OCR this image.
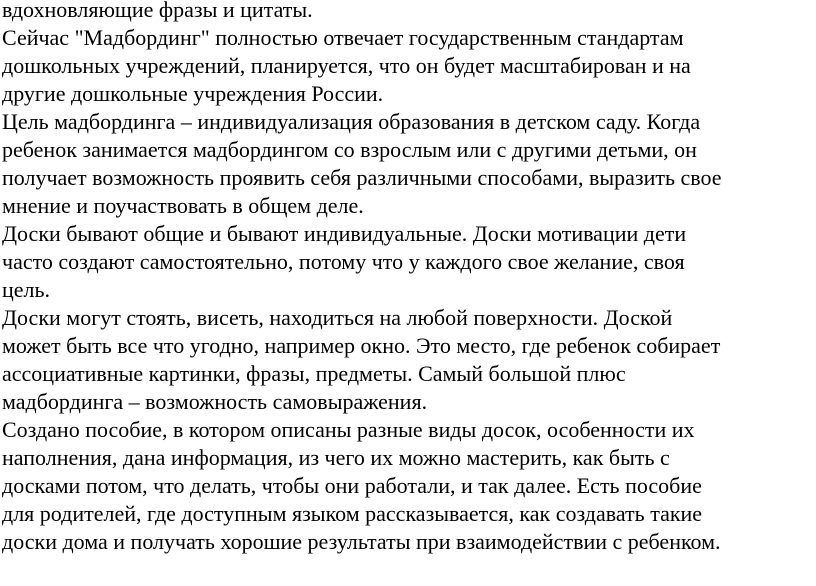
вдохновляющие фразы и цитаты.

Сейчас "Мадбординг" полностью отвечает государственным стандартам
дошкольных учреждений, планируется, что он будет масштабирован и на
другие дошкольные учреждения России.

Цель мадбординга – индивидуализация образования в детском саду. Когда
ребенок занимается мадбордингом со взрослым или с другими детьми, он
получает возможность проявить себя различными способами, выразить свое
мнение и поучаствовать в общем деле.

Доски бывают общие и бывают индивидуальные. Доски мотивации дети
часто создают самостоятельно, потому что у каждого свое желание, своя
цель.

Доски могут стоять, висеть, находиться на любой поверхности. Доской
может быть все что угодно, например окно. Это место, где ребенок собирает
ассоциативные картинки, фразы, предметы. Самый большой плюс
мадбординга – возможность самовыражения.

Создано пособие, в котором описаны разные виды досок, особенности их
наполнения, дана информация, из чего их можно мастерить, как быть с
досками потом, что делать, чтобы они работали, и так далее. Есть пособие
для родителей, где доступным языком рассказывается, как создавать такие
доски дома и получать хорошие результаты при взаимодействии с ребенком.
